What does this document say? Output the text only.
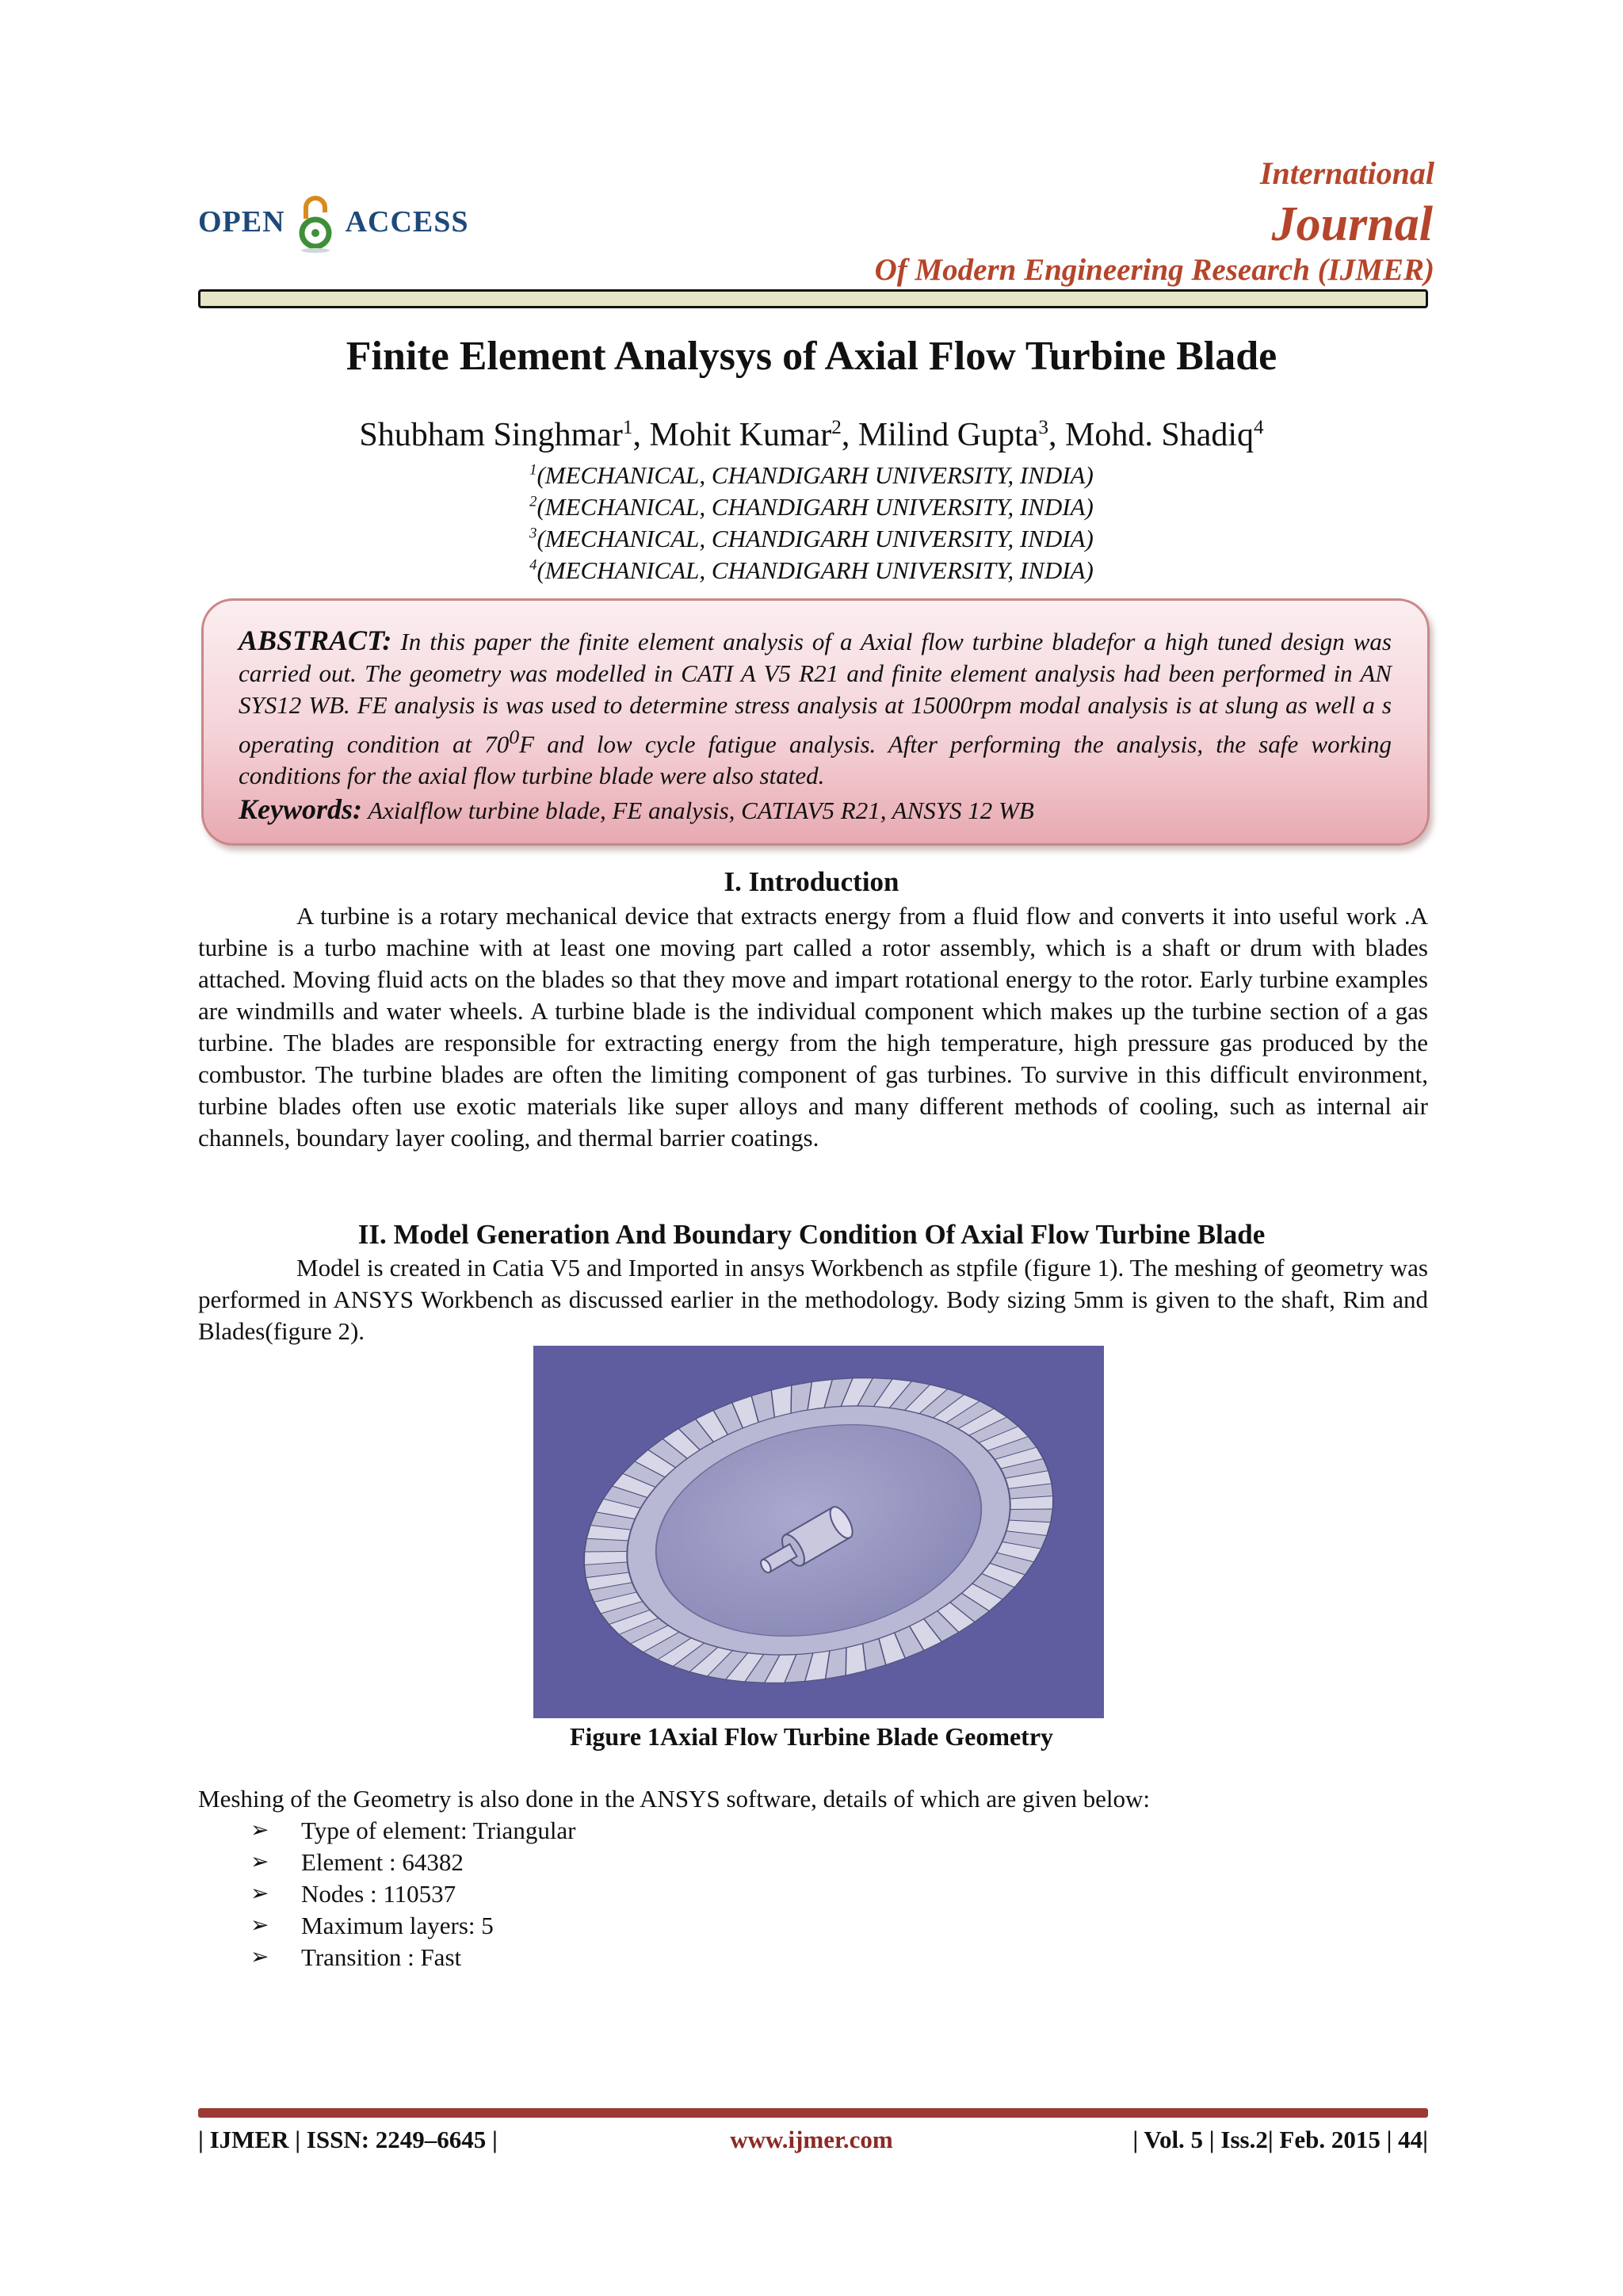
OPEN ACCESS
International
Journal
Of Modern Engineering Research (IJMER)
Finite Element Analysys of Axial Flow Turbine Blade
Shubham Singhmar$^1$, Mohit Kumar$^2$, Milind Gupta$^3$, Mohd. Shadiq$^4$
$^1$(MECHANICAL, CHANDIGARH UNIVERSITY, INDIA)
$^2$(MECHANICAL, CHANDIGARH UNIVERSITY, INDIA)
$^3$(MECHANICAL, CHANDIGARH UNIVERSITY, INDIA)
$^4$(MECHANICAL, CHANDIGARH UNIVERSITY, INDIA)
ABSTRACT: In this paper the finite element analysis of a Axial flow turbine bladefor a high tuned design was carried out. The geometry was modelled in CATI A V5 R21 and finite element analysis had been performed in AN SYS12 WB. FE analysis is was used to determine stress analysis at 15000rpm modal analysis is at slung as well a s operating condition at $70^0F$ and low cycle fatigue analysis. After performing the analysis, the safe working conditions for the axial flow turbine blade were also stated.
Keywords: Axialflow turbine blade, FE analysis, CATIAV5 R21, ANSYS 12 WB
I. Introduction

A turbine is a rotary mechanical device that extracts energy from a fluid flow and converts it into useful work .A turbine is a turbo machine with at least one moving part called a rotor assembly, which is a shaft or drum with blades attached. Moving fluid acts on the blades so that they move and impart rotational energy to the rotor. Early turbine examples are windmills and water wheels. A turbine blade is the individual component which makes up the turbine section of a gas turbine. The blades are responsible for extracting energy from the high temperature, high pressure gas produced by the combustor. The turbine blades are often the limiting component of gas turbines. To survive in this difficult environment, turbine blades often use exotic materials like super alloys and many different methods of cooling, such as internal air channels, boundary layer cooling, and thermal barrier coatings.

II. Model Generation And Boundary Condition Of Axial Flow Turbine Blade

Model is created in Catia V5 and Imported in ansys Workbench as stpfile (figure 1). The meshing of geometry was performed in ANSYS Workbench as discussed earlier in the methodology. Body sizing 5mm is given to the shaft, Rim and Blades(figure 2).

Figure 1Axial Flow Turbine Blade Geometry
Meshing of the Geometry is also done in the ANSYS software, details of which are given below:
➢	Type of element: Triangular
➢	Element : 64382
➢	Nodes : 110537
➢	Maximum layers: 5
➢	Transition : Fast
| IJMER | ISSN: 2249–6645 |	www.ijmer.com	| Vol. 5 | Iss.2| Feb. 2015 | 44|
